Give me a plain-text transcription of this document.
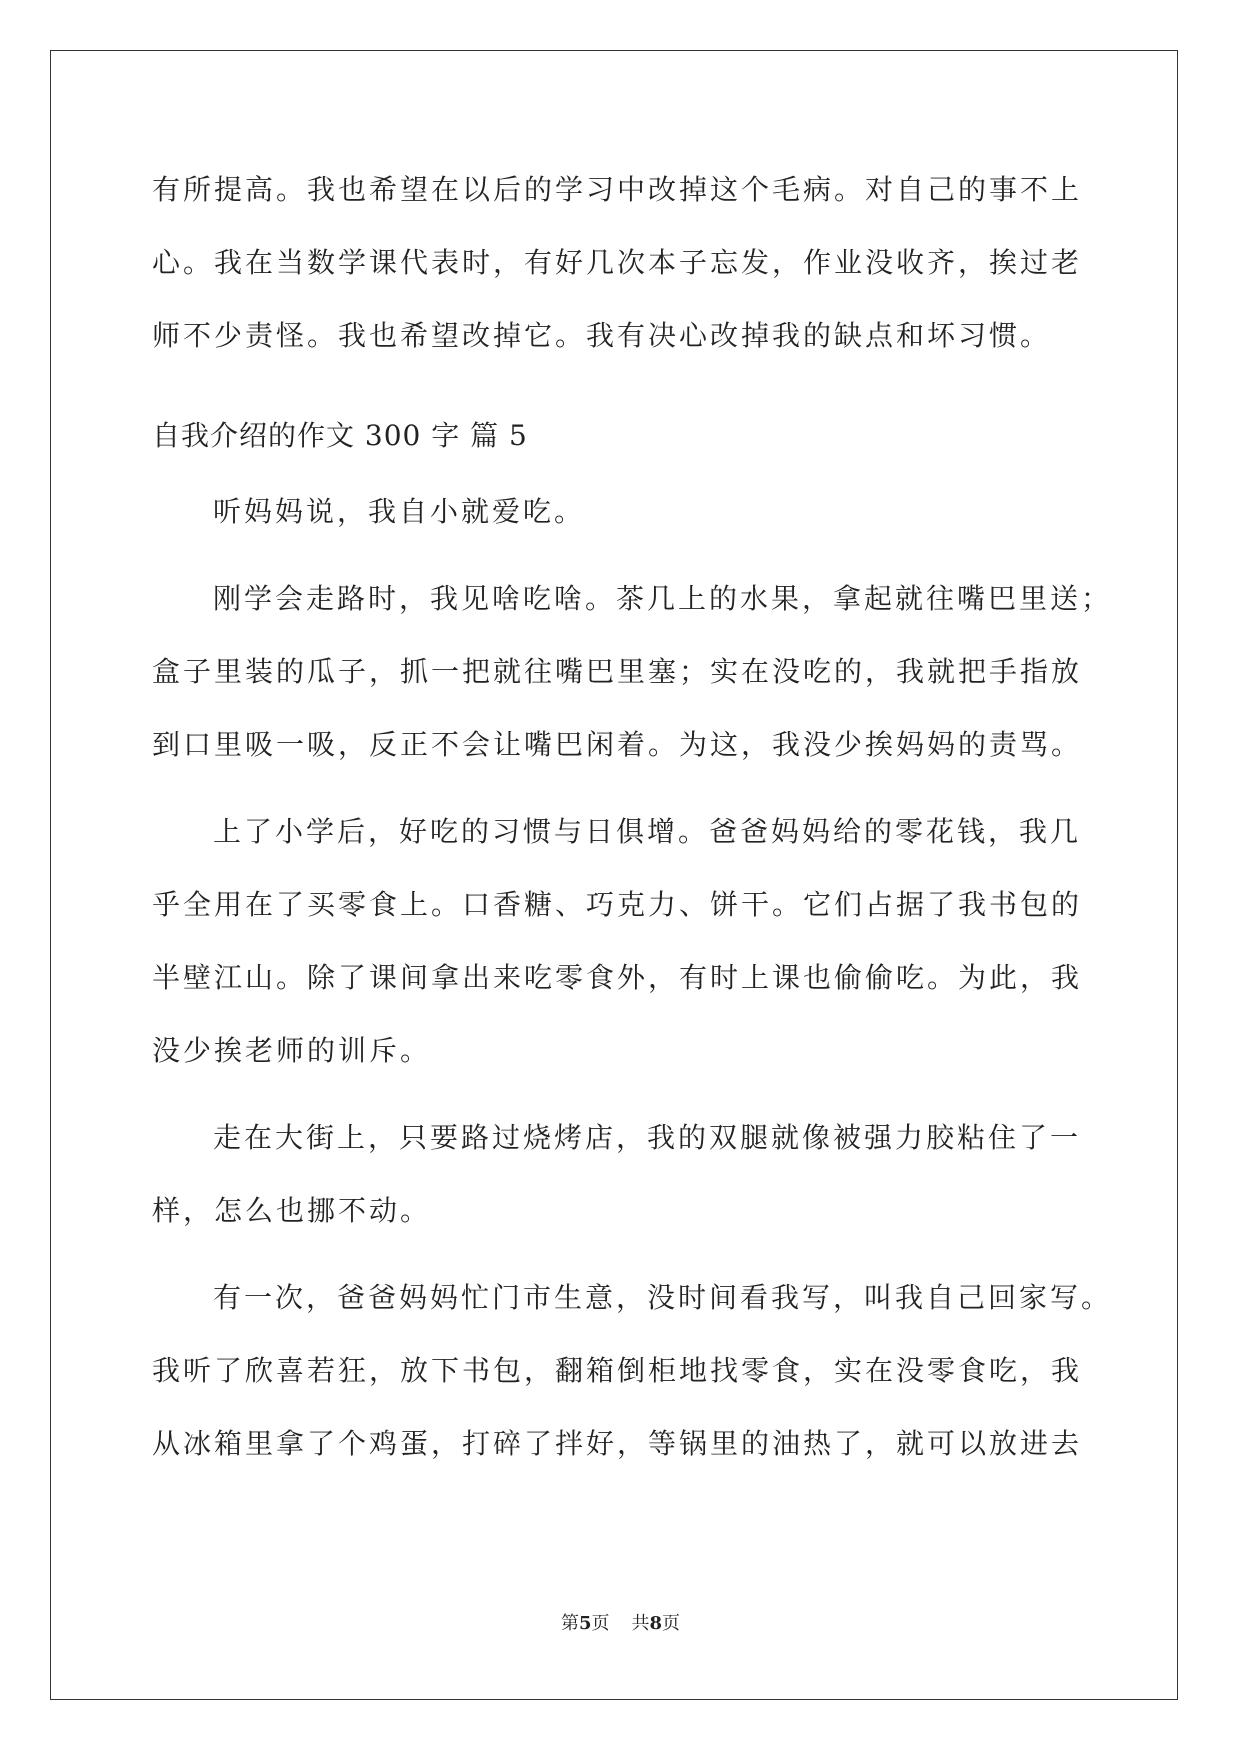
有所提高。我也希望在以后的学习中改掉这个毛病。对自己的事不上
心。我在当数学课代表时，有好几次本子忘发，作业没收齐，挨过老
师不少责怪。我也希望改掉它。我有决心改掉我的缺点和坏习惯。
自我介绍的作文 300 字 篇 5
听妈妈说，我自小就爱吃。
刚学会走路时，我见啥吃啥。茶几上的水果，拿起就往嘴巴里送；
盒子里装的瓜子，抓一把就往嘴巴里塞；实在没吃的，我就把手指放
到口里吸一吸，反正不会让嘴巴闲着。为这，我没少挨妈妈的责骂。
上了小学后，好吃的习惯与日俱增。爸爸妈妈给的零花钱，我几
乎全用在了买零食上。口香糖、巧克力、饼干。它们占据了我书包的
半壁江山。除了课间拿出来吃零食外，有时上课也偷偷吃。为此，我
没少挨老师的训斥。
走在大街上，只要路过烧烤店，我的双腿就像被强力胶粘住了一
样，怎么也挪不动。
有一次，爸爸妈妈忙门市生意，没时间看我写，叫我自己回家写。
我听了欣喜若狂，放下书包，翻箱倒柜地找零食，实在没零食吃，我
从冰箱里拿了个鸡蛋，打碎了拌好，等锅里的油热了，就可以放进去
第5页 共8页
